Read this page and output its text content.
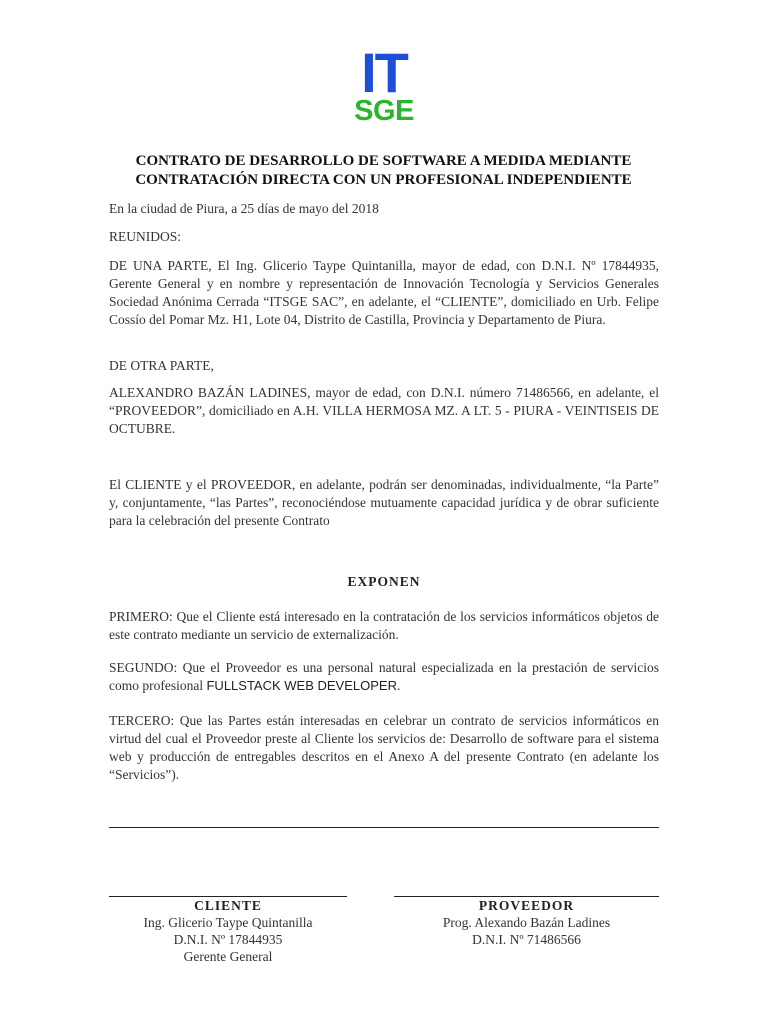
IT
SGE
CONTRATO DE DESARROLLO DE SOFTWARE A MEDIDA MEDIANTE
CONTRATACIÓN DIRECTA CON UN PROFESIONAL INDEPENDIENTE

En la ciudad de Piura, a 25 días de mayo del 2018

REUNIDOS:

DE UNA PARTE, El Ing. Glicerio Taype Quintanilla, mayor de edad, con D.N.I. Nº 17844935, Gerente General y en nombre y representación de Innovación Tecnología y Servicios Generales Sociedad Anónima Cerrada “ITSGE SAC”, en adelante, el “CLIENTE”, domiciliado en Urb. Felipe Cossío del Pomar Mz. H1, Lote 04, Distrito de Castilla, Provincia y Departamento de Piura.

DE OTRA PARTE,

ALEXANDRO BAZÁN LADINES, mayor de edad, con D.N.I. número 71486566, en adelante, el “PROVEEDOR”, domiciliado en A.H. VILLA HERMOSA MZ. A LT. 5 - PIURA - VEINTISEIS DE OCTUBRE.

El CLIENTE y el PROVEEDOR, en adelante, podrán ser denominadas, individualmente, “la Parte” y, conjuntamente, “las Partes”, reconociéndose mutuamente capacidad jurídica y de obrar suficiente para la celebración del presente Contrato

EXPONEN

PRIMERO: Que el Cliente está interesado en la contratación de los servicios informáticos objetos de este contrato mediante un servicio de externalización.

SEGUNDO: Que el Proveedor es una personal natural especializada en la prestación de servicios como profesional FULLSTACK WEB DEVELOPER.

TERCERO: Que las Partes están interesadas en celebrar un contrato de servicios informáticos en virtud del cual el Proveedor preste al Cliente los servicios de: Desarrollo de software para el sistema web y producción de entregables descritos en el Anexo A del presente Contrato (en adelante los “Servicios”).

CLIENTE
Ing. Glicerio Taype Quintanilla
D.N.I. Nº 17844935
Gerente General
PROVEEDOR
Prog. Alexando Bazán Ladines
D.N.I. Nº 71486566
